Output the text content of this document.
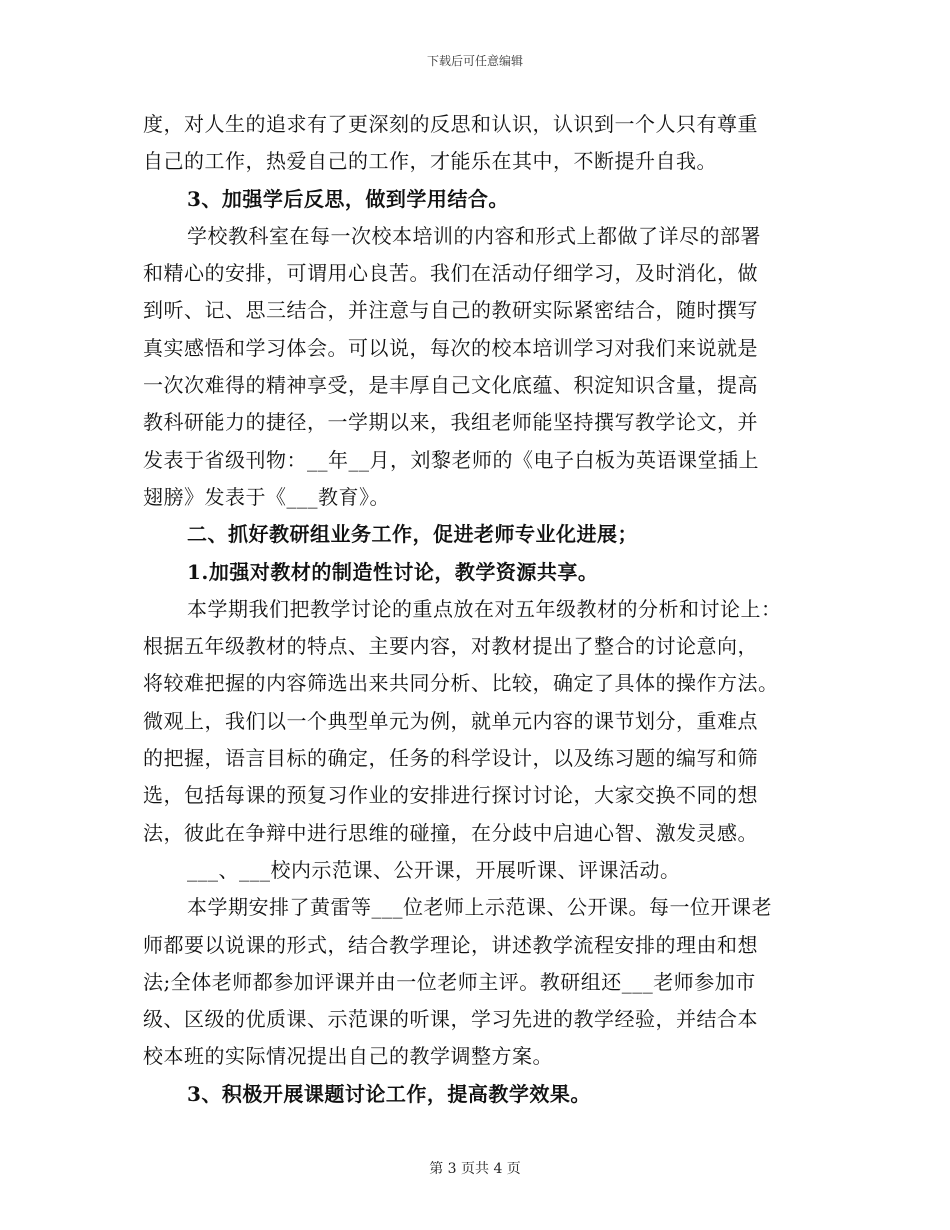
下载后可任意编辑

度，对人生的追求有了更深刻的反思和认识，认识到一个人只有尊重

自己的工作，热爱自己的工作，才能乐在其中，不断提升自我。

3、加强学后反思，做到学用结合。

学校教科室在每一次校本培训的内容和形式上都做了详尽的部署

和精心的安排，可谓用心良苦。我们在活动仔细学习，及时消化，做

到听、记、思三结合，并注意与自己的教研实际紧密结合，随时撰写

真实感悟和学习体会。可以说，每次的校本培训学习对我们来说就是

一次次难得的精神享受，是丰厚自己文化底蕴、积淀知识含量，提高

教科研能力的捷径，一学期以来，我组老师能坚持撰写教学论文，并

发表于省级刊物：__年__月，刘黎老师的《电子白板为英语课堂插上

翅膀》发表于《___教育》。

二、抓好教研组业务工作，促进老师专业化进展；

1.加强对教材的制造性讨论，教学资源共享。

本学期我们把教学讨论的重点放在对五年级教材的分析和讨论上：

根据五年级教材的特点、主要内容，对教材提出了整合的讨论意向，

将较难把握的内容筛选出来共同分析、比较，确定了具体的操作方法。

微观上，我们以一个典型单元为例，就单元内容的课节划分，重难点

的把握，语言目标的确定，任务的科学设计，以及练习题的编写和筛

选，包括每课的预复习作业的安排进行探讨讨论，大家交换不同的想

法，彼此在争辩中进行思维的碰撞，在分歧中启迪心智、激发灵感。

___、___校内示范课、公开课，开展听课、评课活动。

本学期安排了黄雷等___位老师上示范课、公开课。每一位开课老

师都要以说课的形式，结合教学理论，讲述教学流程安排的理由和想

法;全体老师都参加评课并由一位老师主评。教研组还___老师参加市

级、区级的优质课、示范课的听课，学习先进的教学经验，并结合本

校本班的实际情况提出自己的教学调整方案。

3、积极开展课题讨论工作，提高教学效果。

第 3 页共 4 页
